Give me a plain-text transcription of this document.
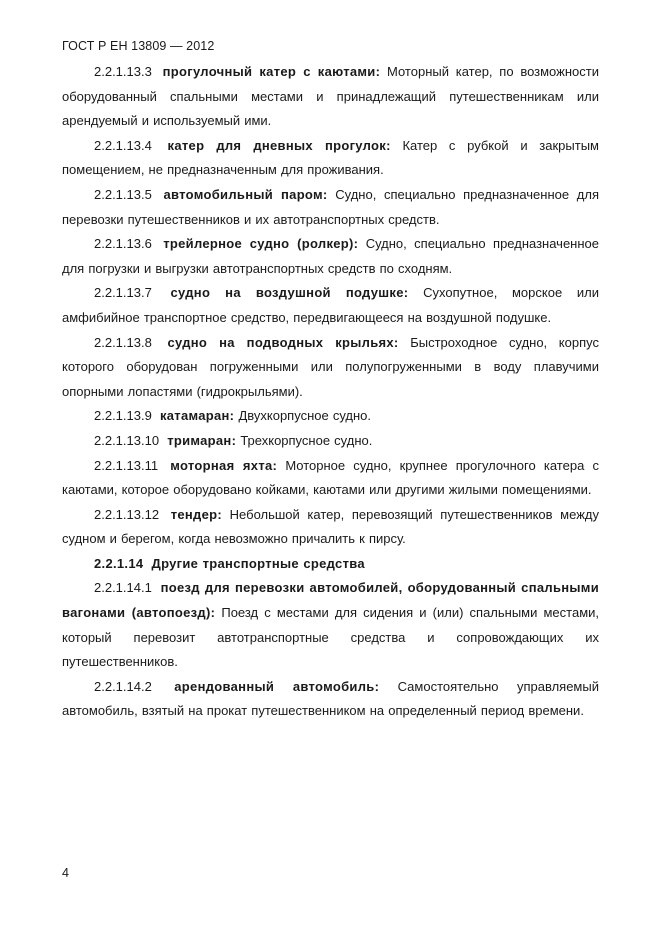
ГОСТ Р ЕН 13809 — 2012

2.2.1.13.3 прогулочный катер с каютами: Моторный катер, по возможности оборудованный спальными местами и принадлежащий путешественникам или арендуемый и используемый ими.

2.2.1.13.4 катер для дневных прогулок: Катер с рубкой и закрытым помещением, не предназначенным для проживания.

2.2.1.13.5 автомобильный паром: Судно, специально предназначенное для перевозки путешественников и их автотранспортных средств.

2.2.1.13.6 трейлерное судно (ролкер): Судно, специально предназначенное для погрузки и выгрузки автотранспортных средств по сходням.

2.2.1.13.7 судно на воздушной подушке: Сухопутное, морское или амфибийное транспортное средство, передвигающееся на воздушной подушке.

2.2.1.13.8 судно на подводных крыльях: Быстроходное судно, корпус которого оборудован погруженными или полупогруженными в воду плавучими опорными лопастями (гидрокрыльями).

2.2.1.13.9 катамаран: Двухкорпусное судно.

2.2.1.13.10 тримаран: Трехкорпусное судно.

2.2.1.13.11 моторная яхта: Моторное судно, крупнее прогулочного катера с каютами, которое оборудовано койками, каютами или другими жилыми помещениями.

2.2.1.13.12 тендер: Небольшой катер, перевозящий путешественников между судном и берегом, когда невозможно причалить к пирсу.

2.2.1.14 Другие транспортные средства

2.2.1.14.1 поезд для перевозки автомобилей, оборудованный спальными вагонами (автопоезд): Поезд с местами для сидения и (или) спальными местами, который перевозит автотранспортные средства и сопровождающих их путешественников.

2.2.1.14.2 арендованный автомобиль: Самостоятельно управляемый автомобиль, взятый на прокат путешественником на определенный период времени.

4
